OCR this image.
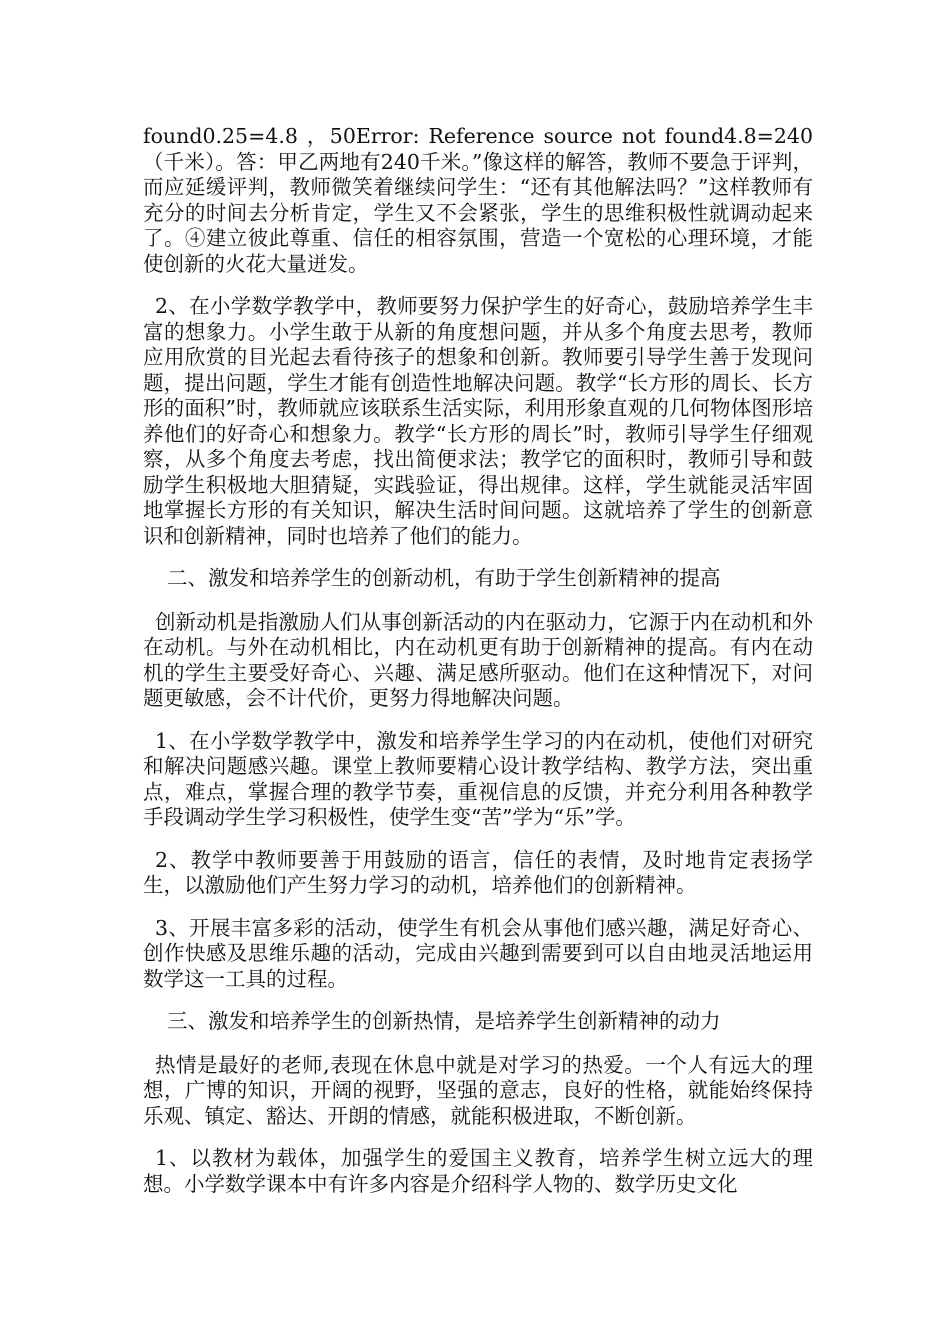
found0.25=4.8 ，50Error: Reference source not found4.8=240（千米）。答：甲乙两地有240千米。”像这样的解答，教师不要急于评判，而应延缓评判，教师微笑着继续问学生：“还有其他解法吗？”这样教师有充分的时间去分析肯定，学生又不会紧张，学生的思维积极性就调动起来了。④建立彼此尊重、信任的相容氛围，营造一个宽松的心理环境，才能使创新的火花大量迸发。

2、在小学数学教学中，教师要努力保护学生的好奇心，鼓励培养学生丰富的想象力。小学生敢于从新的角度想问题，并从多个角度去思考，教师应用欣赏的目光起去看待孩子的想象和创新。教师要引导学生善于发现问题，提出问题，学生才能有创造性地解决问题。教学“长方形的周长、长方形的面积”时，教师就应该联系生活实际，利用形象直观的几何物体图形培养他们的好奇心和想象力。教学“长方形的周长”时，教师引导学生仔细观察，从多个角度去考虑，找出简便求法；教学它的面积时，教师引导和鼓励学生积极地大胆猜疑，实践验证，得出规律。这样，学生就能灵活牢固地掌握长方形的有关知识，解决生活时间问题。这就培养了学生的创新意识和创新精神，同时也培养了他们的能力。

二、激发和培养学生的创新动机，有助于学生创新精神的提高

创新动机是指激励人们从事创新活动的内在驱动力，它源于内在动机和外在动机。与外在动机相比，内在动机更有助于创新精神的提高。有内在动机的学生主要受好奇心、兴趣、满足感所驱动。他们在这种情况下，对问题更敏感，会不计代价，更努力得地解决问题。

1、在小学数学教学中，激发和培养学生学习的内在动机，使他们对研究和解决问题感兴趣。课堂上教师要精心设计教学结构、教学方法，突出重点，难点，掌握合理的教学节奏，重视信息的反馈，并充分利用各种教学手段调动学生学习积极性，使学生变“苦”学为“乐”学。

2、教学中教师要善于用鼓励的语言，信任的表情，及时地肯定表扬学生，以激励他们产生努力学习的动机，培养他们的创新精神。

3、开展丰富多彩的活动，使学生有机会从事他们感兴趣，满足好奇心、创作快感及思维乐趣的活动，完成由兴趣到需要到可以自由地灵活地运用数学这一工具的过程。

三、激发和培养学生的创新热情，是培养学生创新精神的动力

热情是最好的老师,表现在休息中就是对学习的热爱。一个人有远大的理想，广博的知识，开阔的视野，坚强的意志，良好的性格，就能始终保持乐观、镇定、豁达、开朗的情感，就能积极进取，不断创新。

1、以教材为载体，加强学生的爱国主义教育，培养学生树立远大的理想。小学数学课本中有许多内容是介绍科学人物的、数学历史文化
